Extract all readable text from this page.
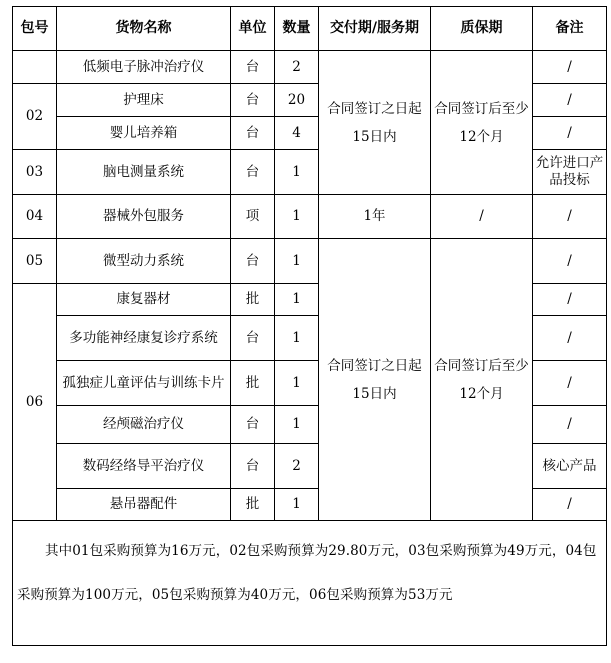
包号	货物名称	单位	数量	交付期/服务期	质保期	备注
	低频电子脉冲治疗仪	台	2	合同签订之日起15日内	合同签订后至少12个月	/
02	护理床	台	20			/
	婴儿培养箱	台	4			/
03	脑电测量系统	台	1			允许进口产品投标
04	器械外包服务	项	1	1年	/	/
05	微型动力系统	台	1	合同签订之日起15日内	合同签订后至少12个月	/
06	康复器材	批	1			/
	多功能神经康复诊疗系统	台	1			/
	孤独症儿童评估与训练卡片	批	1			/
	经颅磁治疗仪	台	1			/
	数码经络导平治疗仪	台	2			核心产品
	悬吊器配件	批	1			/

其中01包采购预算为16万元，02包采购预算为29.80万元，03包采购预算为49万元，04包采购预算为100万元，05包采购预算为40万元，06包采购预算为53万元						
